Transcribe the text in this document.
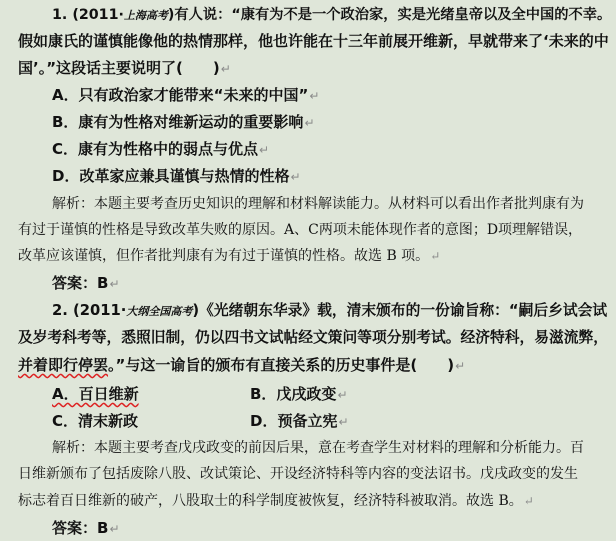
1. (2011·上海高考)有人说：“康有为不是一个政治家，实是光绪皇帝以及全中国的不幸。
假如康氏的谨慎能像他的热情那样，他也许能在十三年前展开维新，早就带来了‘未来的中
国’。”这段话主要说明了(　　)↵
A．只有政治家才能带来“未来的中国”↵
B．康有为性格对维新运动的重要影响↵
C．康有为性格中的弱点与优点↵
D．改革家应兼具谨慎与热情的性格↵
解析：本题主要考查历史知识的理解和材料解读能力。从材料可以看出作者批判康有为
有过于谨慎的性格是导致改革失败的原因。A、C两项未能体现作者的意图；D项理解错误，
改革应该谨慎，但作者批判康有为有过于谨慎的性格。故选 B 项。↵
答案：B↵
2. (2011·大纲全国高考)《光绪朝东华录》载，清末颁布的一份谕旨称：“嗣后乡试会试
及岁考科考等，悉照旧制，仍以四书文试帖经文策问等项分别考试。经济特科，易滋流弊，
并着即行停罢。”与这一谕旨的颁布有直接关系的历史事件是(　　)↵
A．百日维新	B．戊戌政变↵
C．清末新政	D．预备立宪↵
解析：本题主要考查戊戌政变的前因后果，意在考查学生对材料的理解和分析能力。百
日维新颁布了包括废除八股、改试策论、开设经济特科等内容的变法诏书。戊戌政变的发生
标志着百日维新的破产，八股取士的科学制度被恢复，经济特科被取消。故选 B。↵
答案：B↵
